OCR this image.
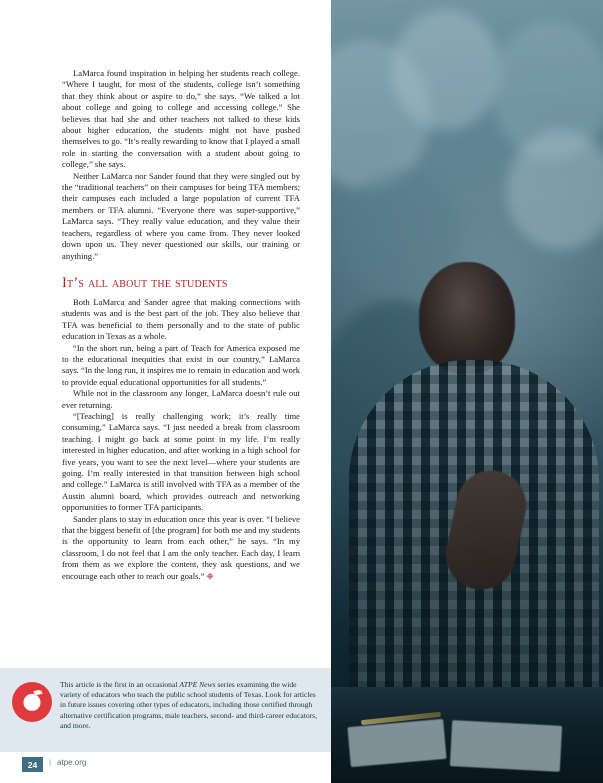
LaMarca found inspiration in helping her students reach college. “Where I taught, for most of the students, college isn’t something that they think about or aspire to do,” she says. “We talked a lot about college and going to college and accessing college.” She believes that had she and other teachers not talked to these kids about higher education, the students might not have pushed themselves to go. “It’s really rewarding to know that I played a small role in starting the conversation with a student about going to college,” she says.

Neither LaMarca nor Sander found that they were singled out by the “traditional teachers” on their campuses for being TFA members; their campuses each included a large population of current TFA members or TFA alumni. “Everyone there was super-supportive,” LaMarca says. “They really value education, and they value their teachers, regardless of where you came from. They never looked down upon us. They never questioned our skills, our training or anything.”

It’s all about the students

Both LaMarca and Sander agree that making connections with students was and is the best part of the job. They also believe that TFA was beneficial to them personally and to the state of public education in Texas as a whole.

“In the short run, being a part of Teach for America exposed me to the educational inequities that exist in our country,” LaMarca says. “In the long run, it inspires me to remain in education and work to provide equal educational opportunities for all students.”

While not in the classroom any longer, LaMarca doesn’t rule out ever returning.

“[Teaching] is really challenging work; it’s really time consuming,” LaMarca says. “I just needed a break from classroom teaching. I might go back at some point in my life. I’m really interested in higher education, and after working in a high school for five years, you want to see the next level—where your students are going. I’m really interested in that transition between high school and college.” LaMarca is still involved with TFA as a member of the Austin alumni board, which provides outreach and networking opportunities to former TFA participants.

Sander plans to stay in education once this year is over. “I believe that the biggest benefit of [the program] for both me and my students is the opportunity to learn from each other,” he says. “In my classroom, I do not feel that I am the only teacher. Each day, I learn from them as we explore the content, they ask questions, and we encourage each other to reach our goals.” ❉

This article is the first in an occasional ATPE News series examining the wide variety of educators who teach the public school students of Texas. Look for articles in future issues covering other types of educators, including those certified through alternative certification programs, male teachers, second- and third-career educators, and more.
24	| atpe.org
